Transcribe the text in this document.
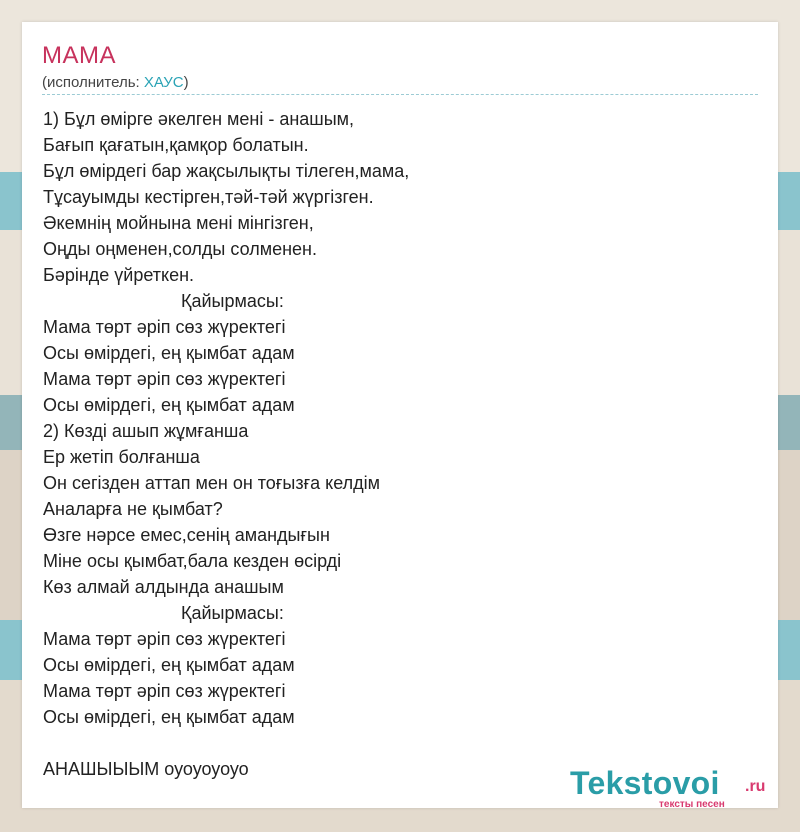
МАМА
(исполнитель: ХАУС)
1) Бұл өмірге әкелген мені - анашым,
Бағып қағатын,қамқор болатын.
Бұл өмірдегі бар жақсылықты тілеген,мама,
Тұсауымды кестірген,тәй-тәй жүргізген.
Әкемнің мойнына мені мінгізген,
Оңды оңменен,солды солменен.
Бәрінде үйреткен.
Қайырмасы:
Мама төрт әріп сөз жүректегі
Осы өмірдегі, ең қымбат адам
Мама төрт әріп сөз жүректегі
Осы өмірдегі, ең қымбат адам
2) Көзді ашып жұмғанша
Ер жетіп болғанша
Он сегізден аттап мен он тоғызға келдім
Аналарға не қымбат?
Өзге нәрсе емес,сенің амандығын
Міне осы қымбат,бала кезден өсірді
Көз алмай алдында анашым
Қайырмасы:
Мама төрт әріп сөз жүректегі
Осы өмірдегі, ең қымбат адам
Мама төрт әріп сөз жүректегі
Осы өмірдегі, ең қымбат адам
АНАШЫЫЫМ оуоуоуоуо	Tekstovoi .ru
тексты песен
